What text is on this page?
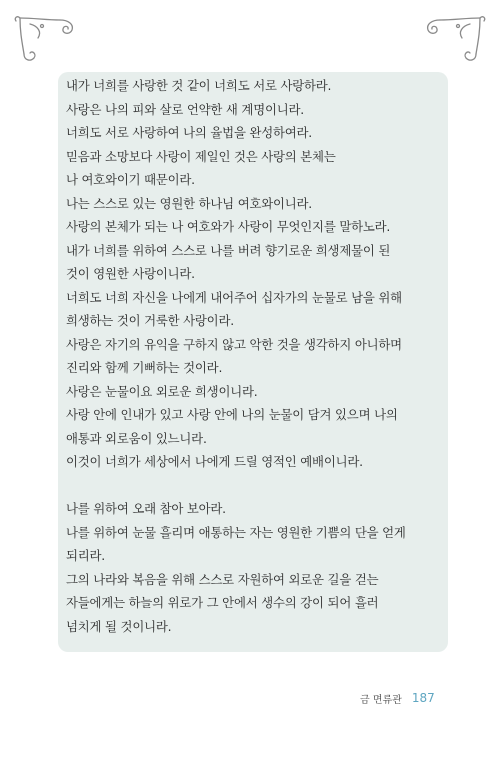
내가 너희를 사랑한 것 같이 너희도 서로 사랑하라.
사랑은 나의 피와 살로 언약한 새 계명이니라.
너희도 서로 사랑하여 나의 율법을 완성하여라.
믿음과 소망보다 사랑이 제일인 것은 사랑의 본체는
나 여호와이기 때문이라.
나는 스스로 있는 영원한 하나님 여호와이니라.
사랑의 본체가 되는 나 여호와가 사랑이 무엇인지를 말하노라.
내가 너희를 위하여 스스로 나를 버려 향기로운 희생제물이 된
것이 영원한 사랑이니라.
너희도 너희 자신을 나에게 내어주어 십자가의 눈물로 남을 위해
희생하는 것이 거룩한 사랑이라.
사랑은 자기의 유익을 구하지 않고 악한 것을 생각하지 아니하며
진리와 함께 기뻐하는 것이라.
사랑은 눈물이요 외로운 희생이니라.
사랑 안에 인내가 있고 사랑 안에 나의 눈물이 담겨 있으며 나의
애통과 외로움이 있느니라.
이것이 너희가 세상에서 나에게 드릴 영적인 예배이니라.
나를 위하여 오래 참아 보아라.
나를 위하여 눈물 흘리며 애통하는 자는 영원한 기쁨의 단을 얻게
되리라.
그의 나라와 복음을 위해 스스로 자원하여 외로운 길을 걷는
자들에게는 하늘의 위로가 그 안에서 생수의 강이 되어 흘러
넘치게 될 것이니라.
금 면류관 187
